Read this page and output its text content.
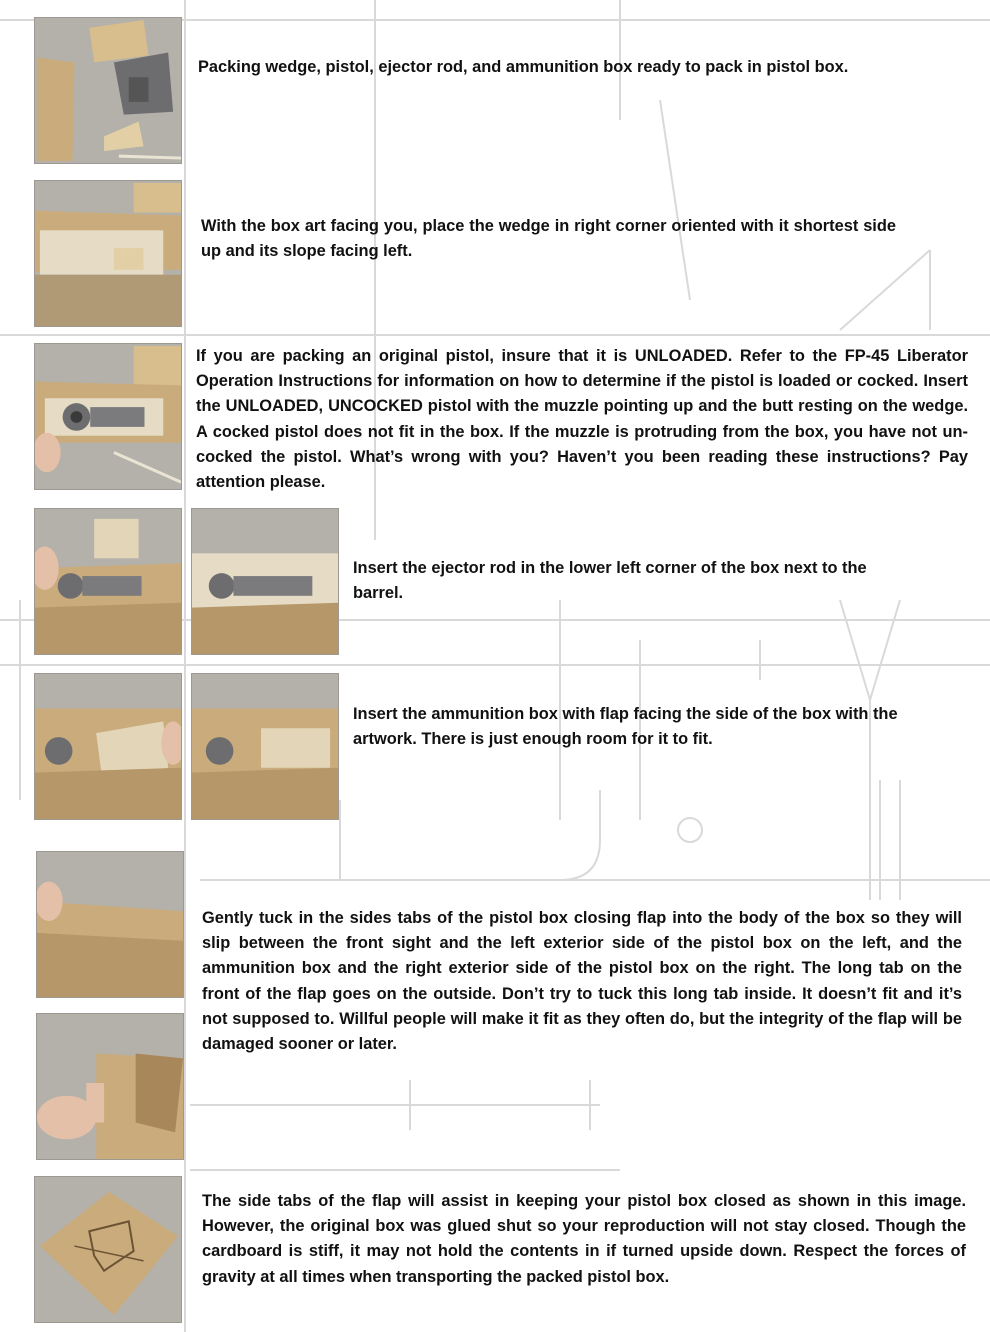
Packing wedge, pistol, ejector rod, and ammunition box ready to pack in pistol box.

With the box art facing you, place the wedge in right corner oriented with it shortest side up and its slope facing left.

If you are packing an original pistol, insure that it is UNLOADED. Refer to the FP-45 Liberator Operation Instructions for information on how to determine if the pistol is loaded or cocked. Insert the UNLOADED, UNCOCKED pistol with the muzzle pointing up and the butt resting on the wedge. A cocked pistol does not fit in the box. If the muzzle is protruding from the box, you have not un-cocked the pistol. What’s wrong with you? Haven’t you been reading these instructions? Pay attention please.

Insert the ejector rod in the lower left corner of the box next to the barrel.

Insert the ammunition box with flap facing the side of the box with the artwork. There is just enough room for it to fit.

Gently tuck in the sides tabs of the pistol box closing flap into the body of the box so they will slip between the front sight and the left exterior side of the pistol box on the left, and the ammunition box and the right exterior side of the pistol box on the right. The long tab on the front of the flap goes on the outside. Don’t try to tuck this long tab inside. It doesn’t fit and it’s not supposed to. Willful people will make it fit as they often do, but the integrity of the flap will be damaged sooner or later.

The side tabs of the flap will assist in keeping your pistol box closed as shown in this image. However, the original box was glued shut so your reproduction will not stay closed. Though the cardboard is stiff, it may not hold the contents in if turned upside down. Respect the forces of gravity at all times when transporting the packed pistol box.
